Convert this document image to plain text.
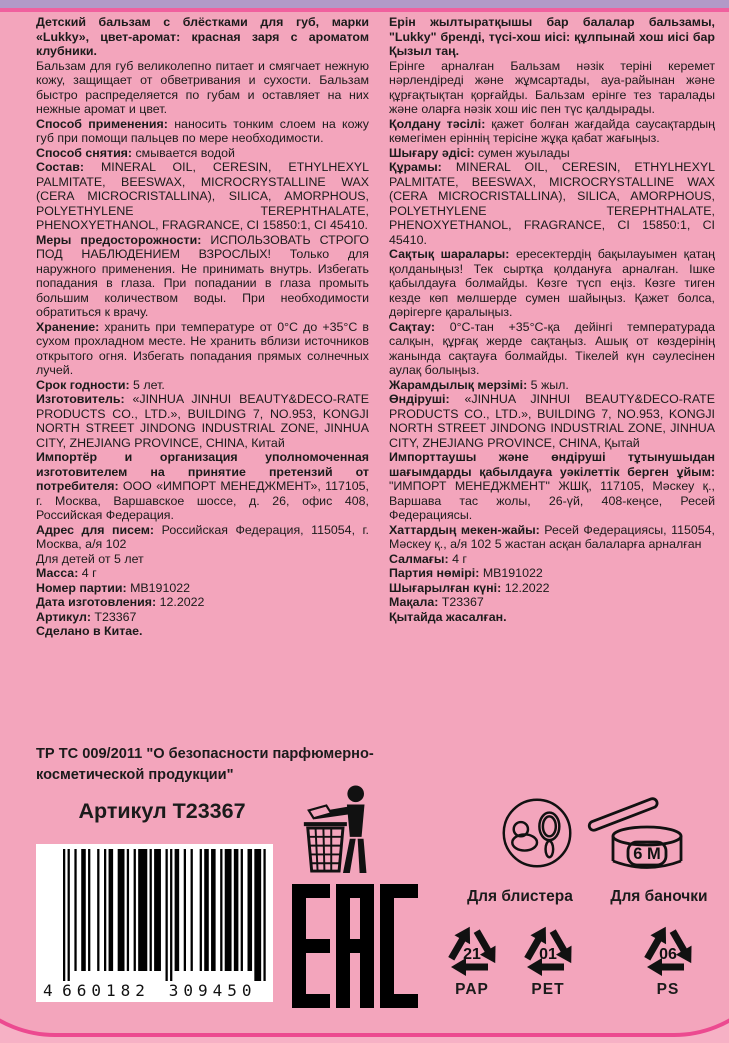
Детский бальзам с блёстками для губ, марки «Lukky», цвет-аромат: красная заря с ароматом клубники.
Бальзам для губ великолепно питает и смягчает нежную кожу, защищает от обветривания и сухости. Бальзам быстро распределяется по губам и оставляет на них нежные аромат и цвет.
Способ применения: наносить тонким слоем на кожу губ при помощи пальцев по мере необходимости.
Способ снятия: смывается водой
Состав: MINERAL OIL, CERESIN, ETHYLHEXYL PALMITATE, BEESWAX, MICROCRYSTALLINE WAX (CERA MICROCRISTALLINA), SILICA, AMORPHOUS, POLYETHYLENE TEREPHTHALATE, PHENOXYETHANOL, FRAGRANCE, CI 15850:1, CI 45410.
Меры предосторожности: ИСПОЛЬЗОВАТЬ СТРОГО ПОД НАБЛЮДЕНИЕМ ВЗРОСЛЫХ! Только для наружного применения. Не принимать внутрь. Избегать попадания в глаза. При попадании в глаза промыть большим количеством воды. При необходимости обратиться к врачу.
Хранение: хранить при температуре от 0°С до +35°С в сухом прохладном месте. Не хранить вблизи источников открытого огня. Избегать попадания прямых солнечных лучей.
Срок годности: 5 лет.
Изготовитель: «JINHUA JINHUI BEAUTY&DECO-RATE PRODUCTS CO., LTD.», BUILDING 7, NO.953, KONGJI NORTH STREET JINDONG INDUSTRIAL ZONE, JINHUA CITY, ZHEJIANG PROVINCE, CHINA, Китай
Импортёр и организация уполномоченная изготовителем на принятие претензий от потребителя: ООО «ИМПОРТ МЕНЕДЖМЕНТ», 117105, г. Москва, Варшавское шоссе, д. 26, офис 408, Российская Федерация.
Адрес для писем: Российская Федерация, 115054, г. Москва, а/я 102
Для детей от 5 лет
Масса: 4 г
Номер партии: MB191022
Дата изготовления: 12.2022
Артикул: Т23367
Сделано в Китае.
Ерін жылтыратқышы бар балалар бальзамы, "Lukky" бренді, түсі-хош иісі: құлпынай хош иісі бар Қызыл таң.
Ерінге арналған Бальзам нәзік теріні керемет нәрлендіреді және жұмсартады, ауа-райынан және құрғақтықтан қорғайды. Бальзам ерінге тез таралады және оларға нәзік хош иіс пен түс қалдырады.
Қолдану тәсілі: қажет болған жағдайда саусақтардың көмегімен еріннің терісіне жұқа қабат жағыңыз.
Шығару әдісі: сумен жуылады
Құрамы: MINERAL OIL, CERESIN, ETHYLHEXYL PALMITATE, BEESWAX, MICROCRYSTALLINE WAX (CERA MICROCRISTALLINA), SILICA, AMORPHOUS, POLYETHYLENE TEREPHTHALATE, PHENOXYETHANOL, FRAGRANCE, CI 15850:1, CI 45410.
Сақтық шаралары: ересектердің бақылауымен қатаң қолданыңыз! Тек сыртқа қолдануға арналған. Ішке қабылдауға болмайды. Көзге түсп еңіз. Көзге тиген кезде көп мөлшерде сумен шайыңыз. Қажет болса, дәрігерге қаралыңыз.
Сақтау: 0°С-тан +35°С-қа дейінгі температурада салқын, құрғақ жерде сақтаңыз. Ашық от көздерінің жанында сақтауға болмайды. Тікелей күн сәулесінен аулақ болыңыз.
Жарамдылық мерзімі: 5 жыл.
Өндіруші: «JINHUA JINHUI BEAUTY&DECO-RATE PRODUCTS CO., LTD.», BUILDING 7, NO.953, KONGJI NORTH STREET JINDONG INDUSTRIAL ZONE, JINHUA CITY, ZHEJIANG PROVINCE, CHINA, Қытай
Импорттаушы және өндіруші тұтынушыдан шағымдарды қабылдауға уәкілеттік берген ұйым: "ИМПОРТ МЕНЕДЖМЕНТ" ЖШҚ, 117105, Мәскеу қ., Варшава тас жолы, 26-үй, 408-кеңсе, Ресей Федерациясы.
Хаттардың мекен-жайы: Ресей Федерациясы, 115054, Мәскеу қ., а/я 102 5 жастан асқан балаларға арналған
Салмағы: 4 г
Партия нөмірі: MB191022
Шығарылған күні: 12.2022
Мақала: T23367
Қытайда жасалған.
ТР ТС 009/2011 "О безопасности парфюмерно-косметической продукции"
Артикул Т23367
4 660182	309450
6 M
Для блистера	Для баночки
21
PAP
01
PET
06
PS
